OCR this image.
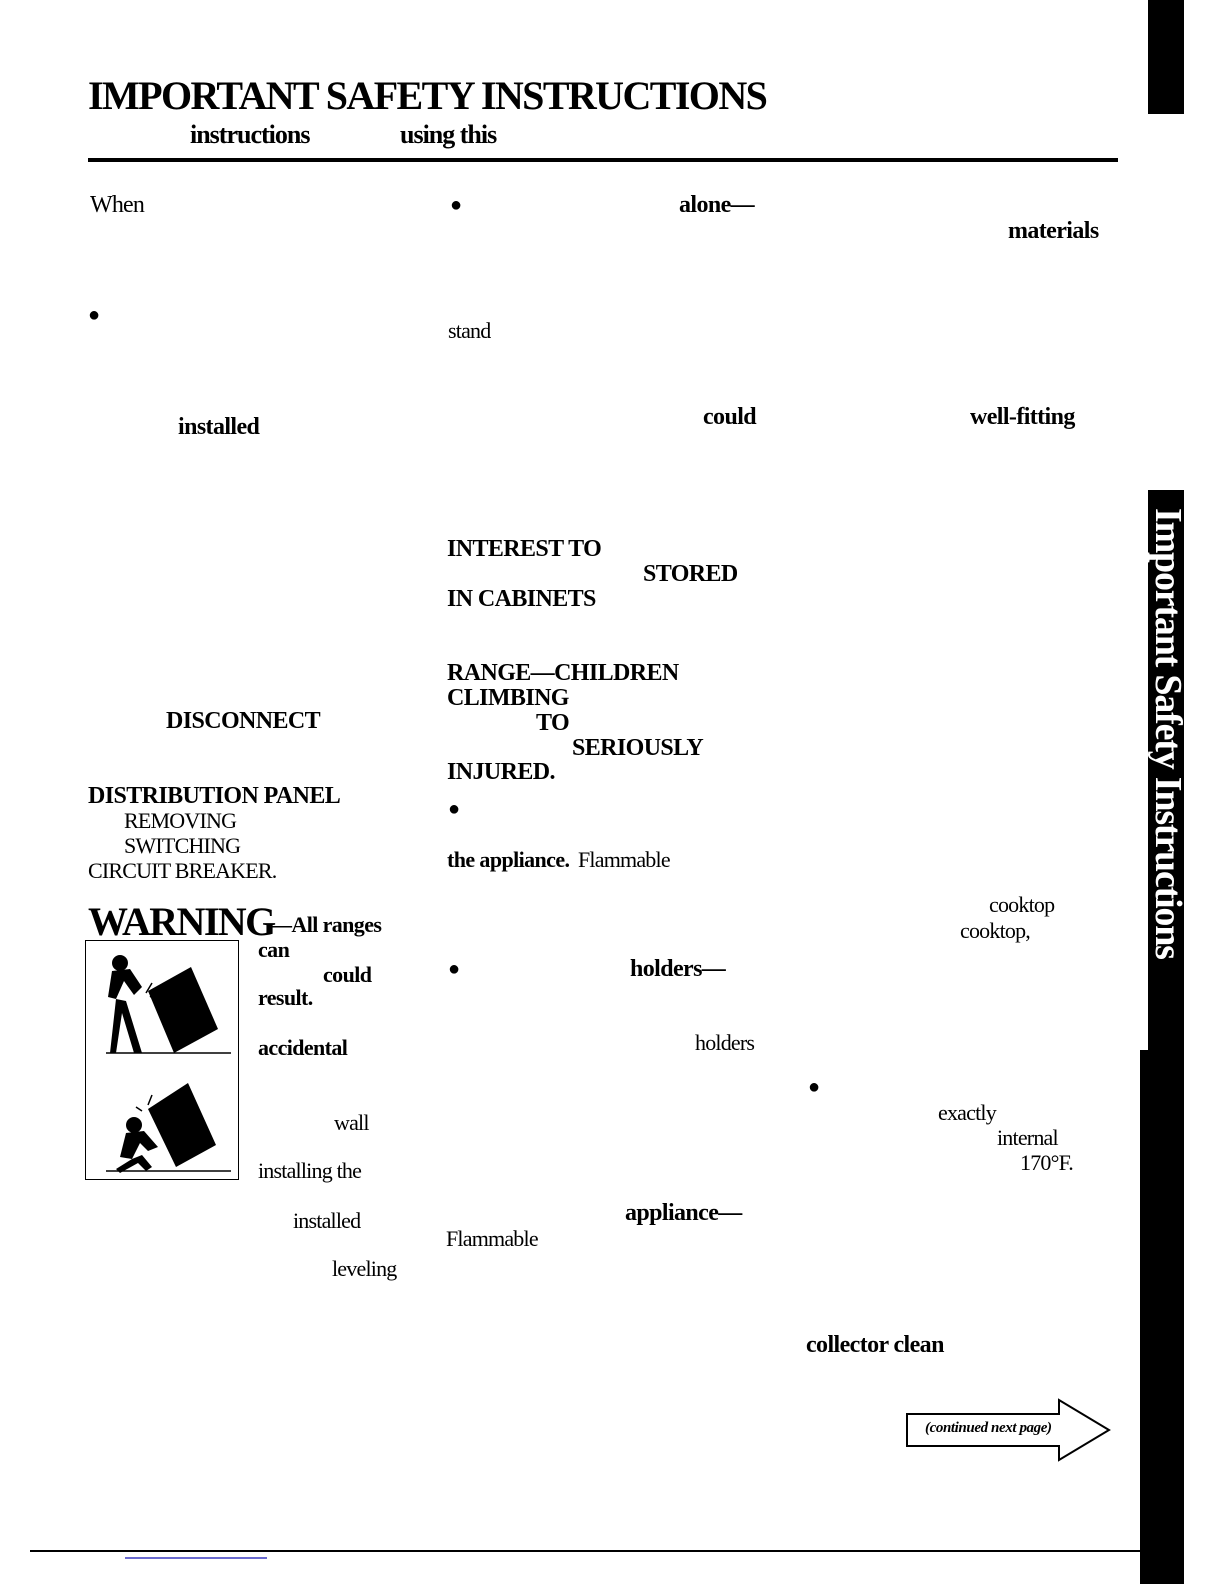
IMPORTANT SAFETY INSTRUCTIONS
instructions	using this
Important Safety Instructions
When
●
installed
DISCONNECT
DISTRIBUTION PANEL
REMOVING
SWITCHING
CIRCUIT BREAKER.
WARNING
—All ranges
can
could
result.
accidental
wall
installing the
installed
leveling
●	alone—
stand
could
INTEREST TO
STORED
IN CABINETS
RANGE—CHILDREN
CLIMBING
TO
SERIOUSLY
INJURED.
●
the appliance. Flammable
●	holders—
holders
appliance—
Flammable
materials
well-fitting
cooktop
cooktop,
●
exactly
internal
170°F.
collector clean
(continued next page)
